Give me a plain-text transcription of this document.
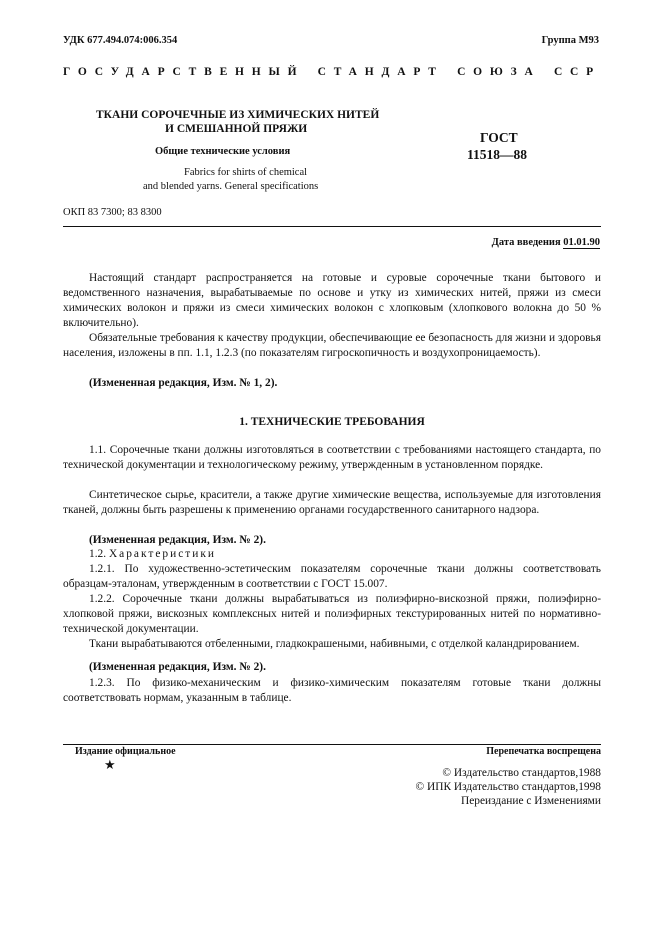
УДК 677.494.074:006.354	Группа М93
ГОСУДАРСТВЕННЫЙ СТАНДАРТ СОЮЗА ССР
ТКАНИ СОРОЧЕЧНЫЕ ИЗ ХИМИЧЕСКИХ НИТЕЙ
И СМЕШАННОЙ ПРЯЖИ
Общие технические условия
Fabrics for shirts of chemical
and blended yarns. General specifications
ГОСТ
11518—88
ОКП 83 7300; 83 8300
Дата введения 01.01.90
Настоящий стандарт распространяется на готовые и суровые сорочечные ткани бытового и ведомственного назначения, вырабатываемые по основе и утку из химических нитей, пряжи из смеси химических волокон и пряжи из смеси химических волокон с хлопковым (хлопкового волокна до 50 % включительно).
Обязательные требования к качеству продукции, обеспечивающие ее безопасность для жизни и здоровья населения, изложены в пп. 1.1, 1.2.3 (по показателям гигроскопичность и воздухопроницаемость).
(Измененная редакция, Изм. № 1, 2).
1. ТЕХНИЧЕСКИЕ ТРЕБОВАНИЯ
1.1. Сорочечные ткани должны изготовляться в соответствии с требованиями настоящего стандарта, по технической документации и технологическому режиму, утвержденным в установленном порядке.
Синтетическое сырье, красители, а также другие химические вещества, используемые для изготовления тканей, должны быть разрешены к применению органами государственного санитарного надзора.
(Измененная редакция, Изм. № 2).
1.2. Характеристики
1.2.1. По художественно-эстетическим показателям сорочечные ткани должны соответствовать образцам-эталонам, утвержденным в соответствии с ГОСТ 15.007.
1.2.2. Сорочечные ткани должны вырабатываться из полиэфирно-вискозной пряжи, полиэфирно-хлопковой пряжи, вискозных комплексных нитей и полиэфирных текстурированных нитей по нормативно-технической документации.
Ткани вырабатываются отбеленными, гладкокрашеными, набивными, с отделкой каландрированием.
(Измененная редакция, Изм. № 2).
1.2.3. По физико-механическим и физико-химическим показателям готовые ткани должны соответствовать нормам, указанным в таблице.
Издание официальное	Перепечатка воспрещена
★
© Издательство стандартов,1988
© ИПК Издательство стандартов,1998
Переиздание с Изменениями
